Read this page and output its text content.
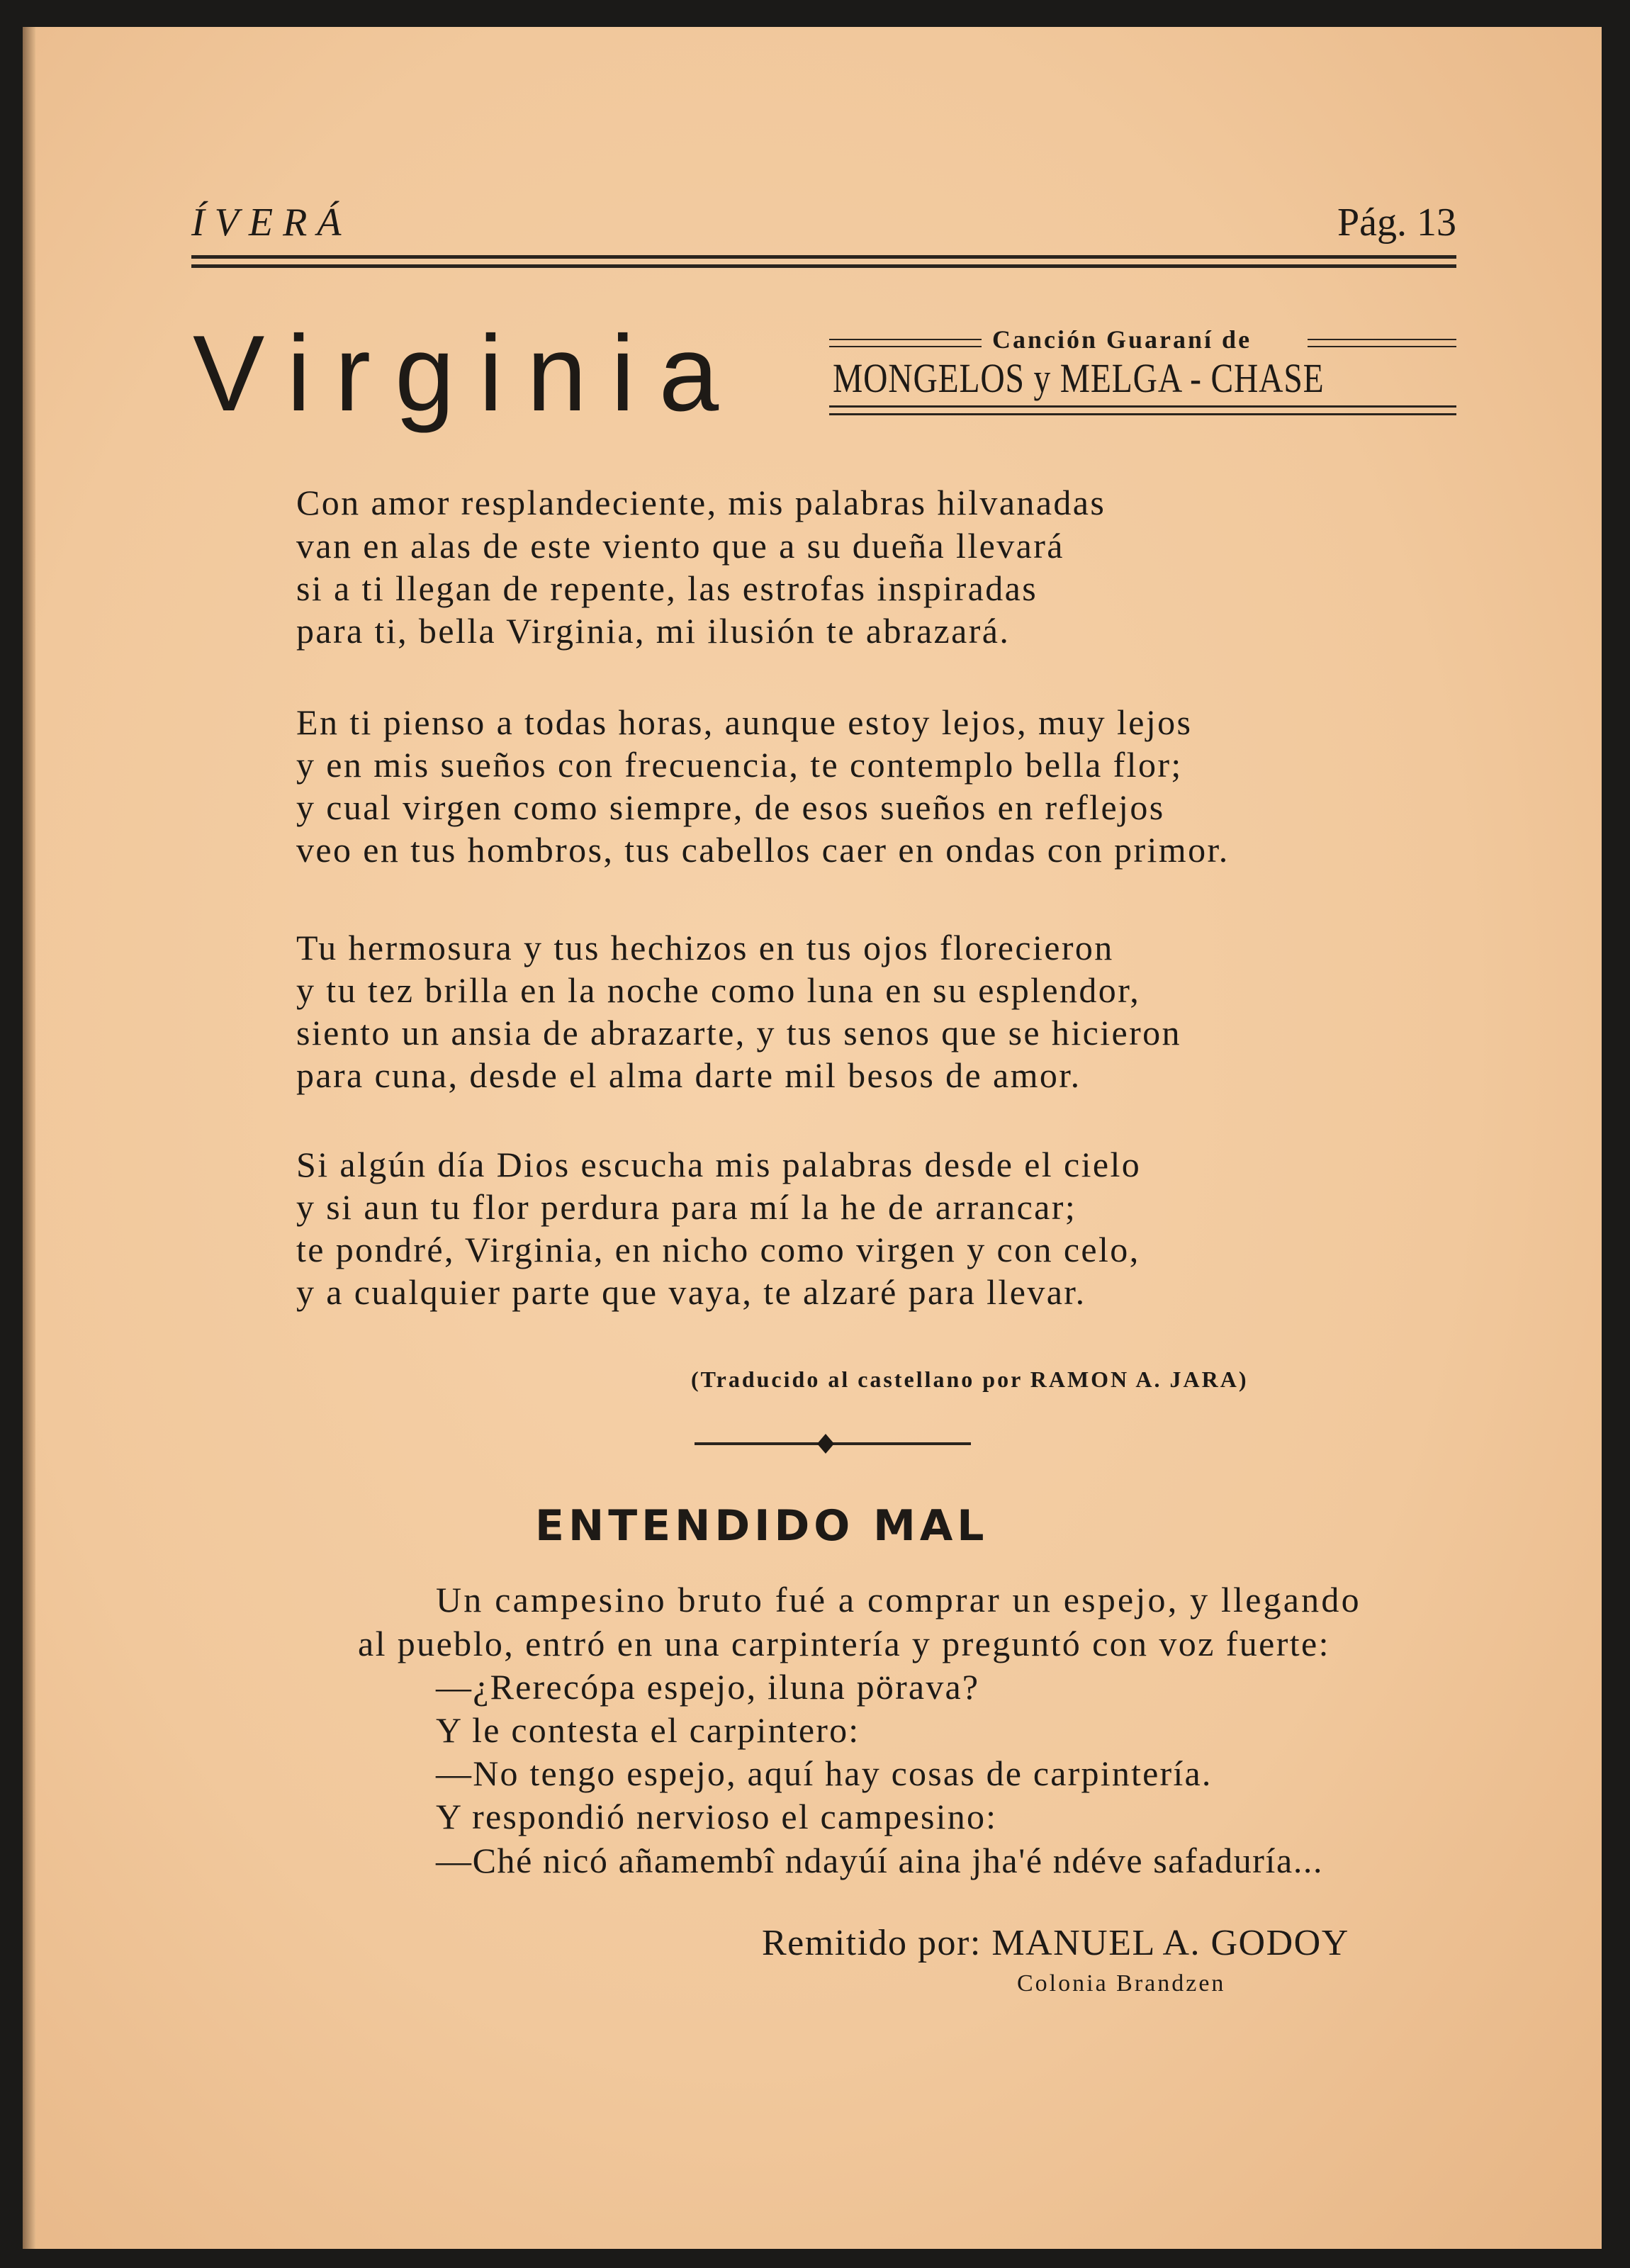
ÍVERÁ	Pág. 13
Virginia	Canción Guaraní de
MONGELOS y MELGA - CHASE
Con amor resplandeciente, mis palabras hilvanadas
van en alas de este viento que a su dueña llevará
si a ti llegan de repente, las estrofas inspiradas
para ti, bella Virginia, mi ilusión te abrazará.
En ti pienso a todas horas, aunque estoy lejos, muy lejos
y en mis sueños con frecuencia, te contemplo bella flor;
y cual virgen como siempre, de esos sueños en reflejos
veo en tus hombros, tus cabellos caer en ondas con primor.
Tu hermosura y tus hechizos en tus ojos florecieron
y tu tez brilla en la noche como luna en su esplendor,
siento un ansia de abrazarte, y tus senos que se hicieron
para cuna, desde el alma darte mil besos de amor.
Si algún día Dios escucha mis palabras desde el cielo
y si aun tu flor perdura para mí la he de arrancar;
te pondré, Virginia, en nicho como virgen y con celo,
y a cualquier parte que vaya, te alzaré para llevar.
(Traducido al castellano por RAMON A. JARA)
ENTENDIDO MAL
Un campesino bruto fué a comprar un espejo, y llegando
al pueblo, entró en una carpintería y preguntó con voz fuerte:
—¿Rerecópa espejo, iluna pörava?
Y le contesta el carpintero:
—No tengo espejo, aquí hay cosas de carpintería.
Y respondió nervioso el campesino:
—Ché nicó añamembî ndayúí aina jha'é ndéve safaduría...
Remitido por: MANUEL A. GODOY
Colonia Brandzen
